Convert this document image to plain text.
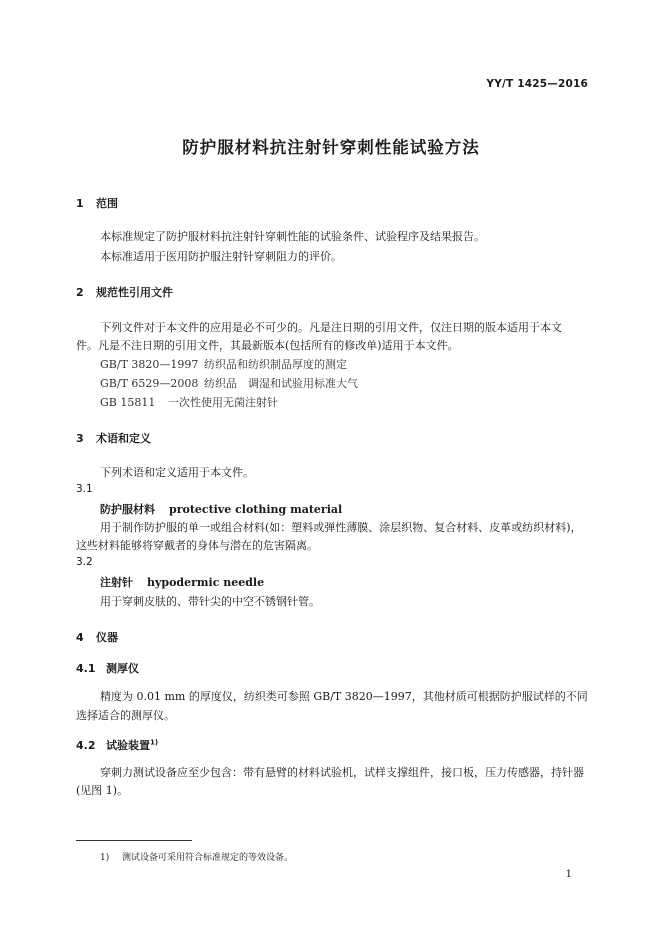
YY/T 1425—2016
防护服材料抗注射针穿刺性能试验方法
1 范围
本标准规定了防护服材料抗注射针穿刺性能的试验条件、试验程序及结果报告。
本标准适用于医用防护服注射针穿刺阻力的评价。
2 规范性引用文件
下列文件对于本文件的应用是必不可少的。凡是注日期的引用文件，仅注日期的版本适用于本文
件。凡是不注日期的引用文件，其最新版本(包括所有的修改单)适用于本文件。
GB/T 3820—1997 纺织品和纺织制品厚度的测定
GB/T 6529—2008 纺织品　调湿和试验用标准大气
GB 15811 一次性使用无菌注射针
3 术语和定义
下列术语和定义适用于本文件。
3.1
防护服材料 protective clothing material
用于制作防护服的单一或组合材料(如：塑料或弹性薄膜、涂层织物、复合材料、皮革或纺织材料)，
这些材料能够将穿戴者的身体与潜在的危害隔离。
3.2
注射针 hypodermic needle
用于穿刺皮肤的、带针尖的中空不锈钢针管。
4 仪器
4.1 测厚仪
精度为 0.01 mm 的厚度仪，纺织类可参照 GB/T 3820—1997，其他材质可根据防护服试样的不同
选择适合的测厚仪。
4.2 试验装置$^{1)}$
穿刺力测试设备应至少包含：带有悬臂的材料试验机，试样支撑组件，接口板，压力传感器，持针器
(见图 1)。
1) 测试设备可采用符合标准规定的等效设备。
1
